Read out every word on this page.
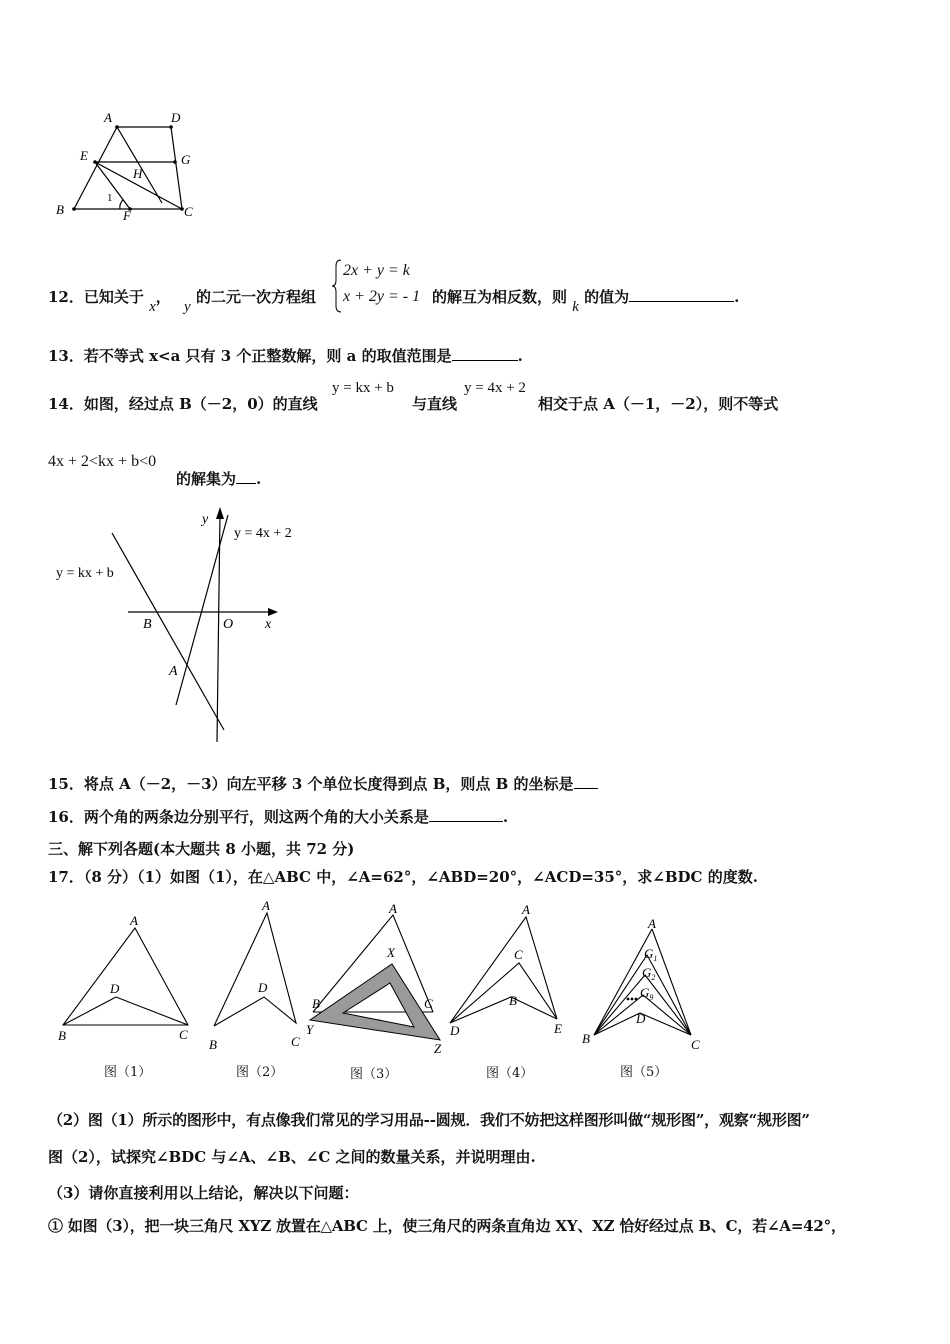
A	D
E	G
H
B	F	C
1
12．已知关于 x， y 的二元一次方程组
2x + y = k
x + 2y = - 1 的解互为相反数，则 k 的值为	.
13．若不等式 x<a 只有 3 个正整数解，则 a 的取值范围是	.
14．如图，经过点 B（－2，0）的直线
y = kx + b
与直线
y = 4x + 2
相交于点 A（－1，－2），则不等式
4x + 2<kx + b<0
的解集为 .
y
x
y = 4x + 2
y = kx + b
B	O
A
15．将点 A（－2，－3）向左平移 3 个单位长度得到点 B，则点 B 的坐标是
16．两个角的两条边分别平行，则这两个角的大小关系是	.
三、解下列各题(本大题共 8 小题，共 72 分)
17．（8 分）（1）如图（1），在△ABC 中，∠A=62°，∠ABD=20°，∠ACD=35°，求∠BDC 的度数.
A
D
B	C
A
D
B	C
A
X
B	C
Y
Z
A
C
B
D	E
A
$G_1$
$G_2$
$G_9$
D
B	C
图（1）	图（2）	图（3）	图（4）	图（5）
（2）图（1）所示的图形中，有点像我们常见的学习用品--圆规．我们不妨把这样图形叫做“规形图”，观察“规形图”
图（2），试探究∠BDC 与∠A、∠B、∠C 之间的数量关系，并说明理由.
（3）请你直接利用以上结论，解决以下问题：
① 如图（3），把一块三角尺 XYZ 放置在△ABC 上，使三角尺的两条直角边 XY、XZ 恰好经过点 B、C，若∠A=42°，
